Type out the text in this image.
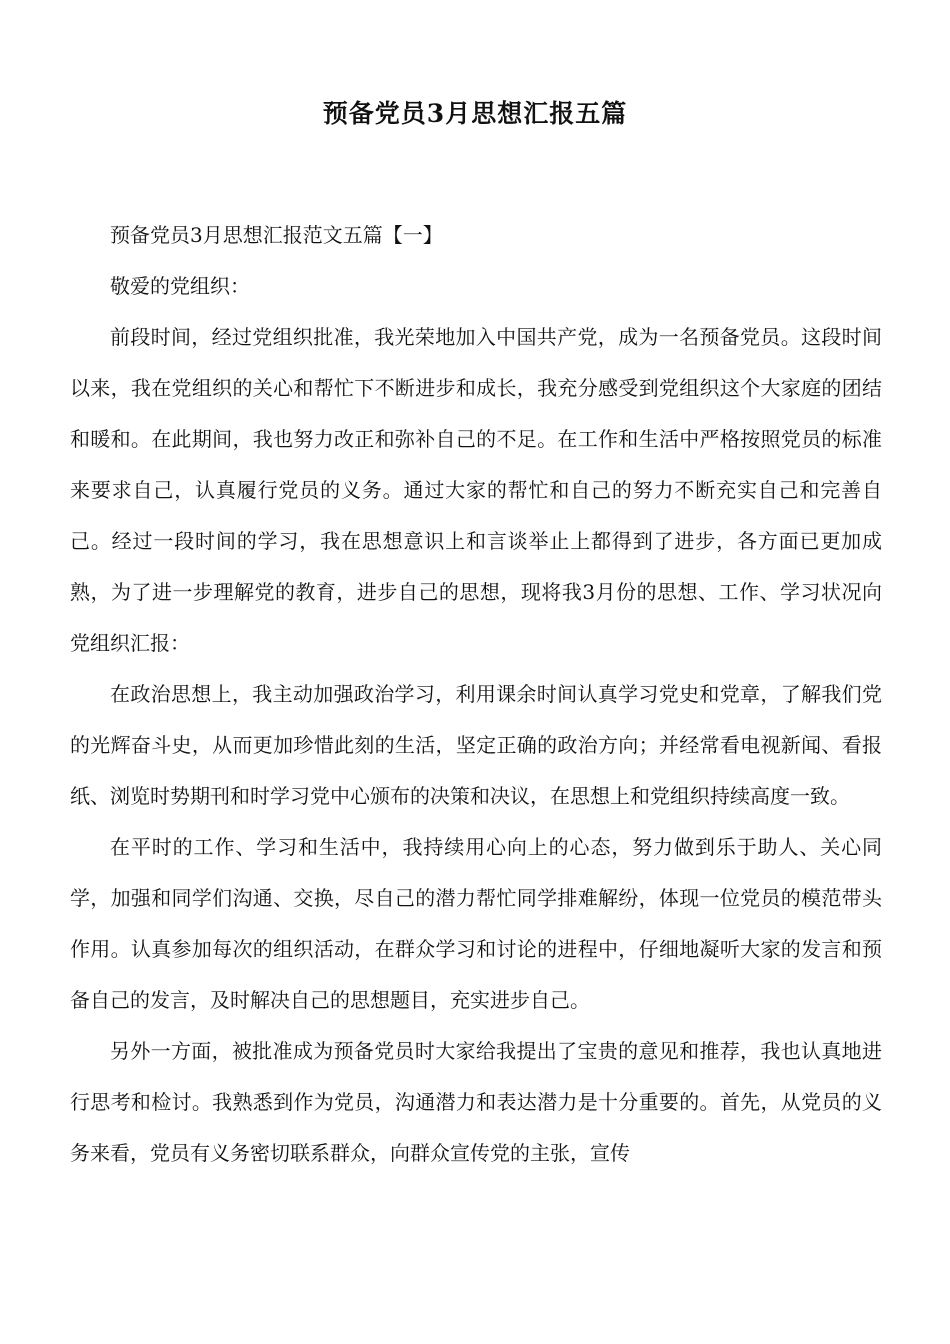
预备党员3月思想汇报五篇

预备党员3月思想汇报范文五篇【一】

敬爱的党组织：

前段时间，经过党组织批准，我光荣地加入中国共产党，成为一名预备党员。这段时间以来，我在党组织的关心和帮忙下不断进步和成长，我充分感受到党组织这个大家庭的团结和暖和。在此期间，我也努力改正和弥补自己的不足。在工作和生活中严格按照党员的标准来要求自己，认真履行党员的义务。通过大家的帮忙和自己的努力不断充实自己和完善自己。经过一段时间的学习，我在思想意识上和言谈举止上都得到了进步，各方面已更加成熟，为了进一步理解党的教育，进步自己的思想，现将我3月份的思想、工作、学习状况向党组织汇报：

在政治思想上，我主动加强政治学习，利用课余时间认真学习党史和党章，了解我们党的光辉奋斗史，从而更加珍惜此刻的生活，坚定正确的政治方向；并经常看电视新闻、看报纸、浏览时势期刊和时学习党中心颁布的决策和决议，在思想上和党组织持续高度一致。

在平时的工作、学习和生活中，我持续用心向上的心态，努力做到乐于助人、关心同学，加强和同学们沟通、交换，尽自己的潜力帮忙同学排难解纷，体现一位党员的模范带头作用。认真参加每次的组织活动，在群众学习和讨论的进程中，仔细地凝听大家的发言和预备自己的发言，及时解决自己的思想题目，充实进步自己。

另外一方面，被批准成为预备党员时大家给我提出了宝贵的意见和推荐，我也认真地进行思考和检讨。我熟悉到作为党员，沟通潜力和表达潜力是十分重要的。首先，从党员的义务来看，党员有义务密切联系群众，向群众宣传党的主张，宣传
